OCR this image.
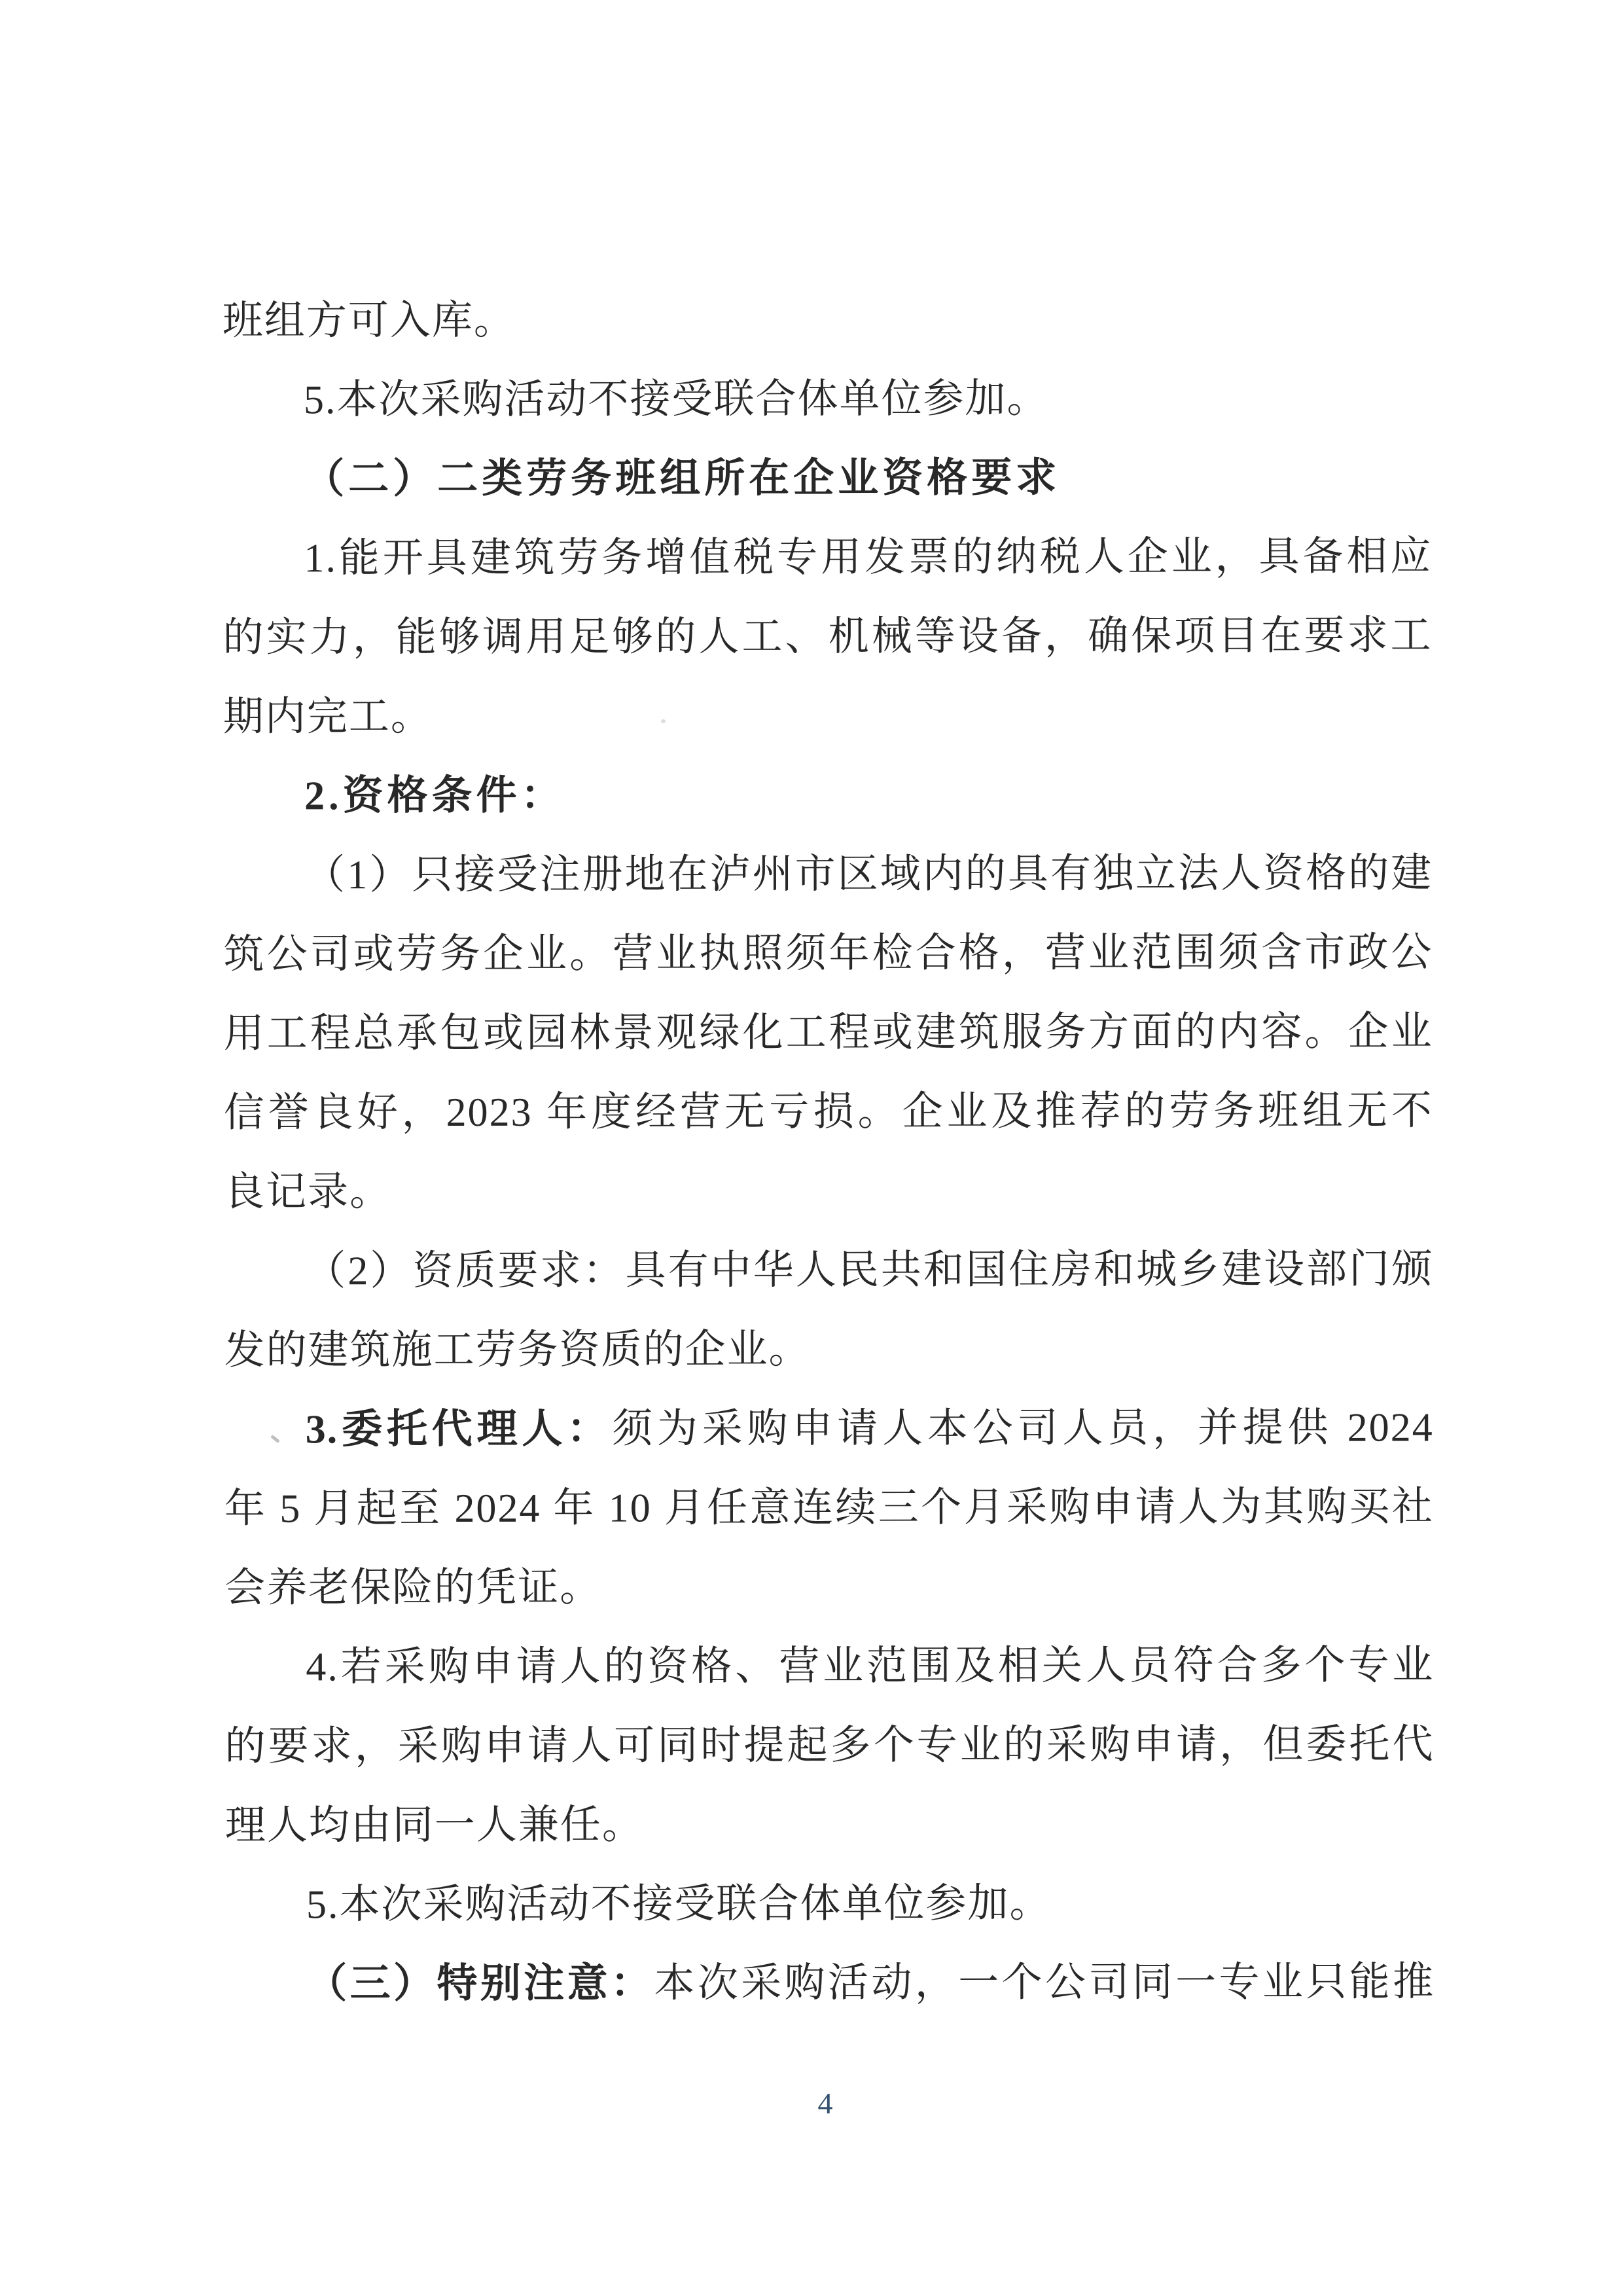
班组方可入库。
5.本次采购活动不接受联合体单位参加。
（二）二类劳务班组所在企业资格要求
1.能开具建筑劳务增值税专用发票的纳税人企业，具备相应
的实力，能够调用足够的人工、机械等设备，确保项目在要求工
期内完工。
2.资格条件：
（1）只接受注册地在泸州市区域内的具有独立法人资格的建
筑公司或劳务企业。营业执照须年检合格，营业范围须含市政公
用工程总承包或园林景观绿化工程或建筑服务方面的内容。企业
信誉良好，2023 年度经营无亏损。企业及推荐的劳务班组无不
良记录。
（2）资质要求：具有中华人民共和国住房和城乡建设部门颁
发的建筑施工劳务资质的企业。
3.委托代理人：须为采购申请人本公司人员，并提供 2024
年 5 月起至 2024 年 10 月任意连续三个月采购申请人为其购买社
会养老保险的凭证。
4.若采购申请人的资格、营业范围及相关人员符合多个专业
的要求，采购申请人可同时提起多个专业的采购申请，但委托代
理人均由同一人兼任。
5.本次采购活动不接受联合体单位参加。
（三）特别注意：本次采购活动，一个公司同一专业只能推
4
